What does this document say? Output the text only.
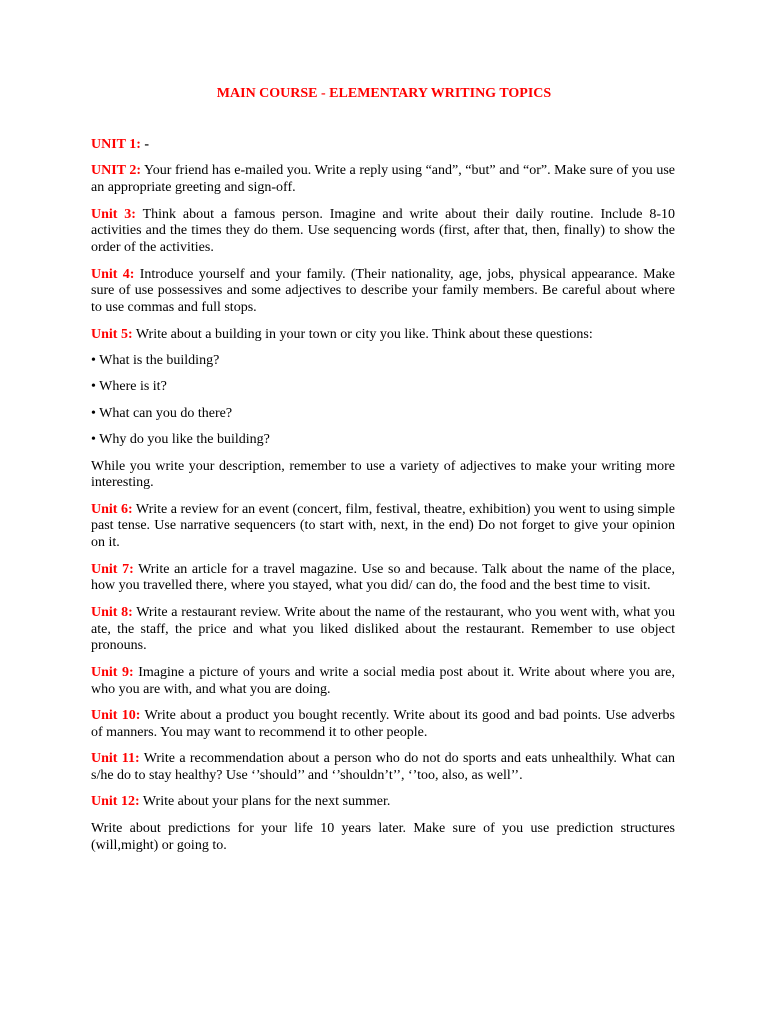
MAIN COURSE - ELEMENTARY WRITING TOPICS

UNIT 1: -

UNIT 2: Your friend has e-mailed you. Write a reply using “and”, “but” and “or”. Make sure of you use an appropriate greeting and sign-off.

Unit 3: Think about a famous person. Imagine and write about their daily routine. Include 8-10 activities and the times they do them. Use sequencing words (first, after that, then, finally) to show the order of the activities.

Unit 4: Introduce yourself and your family. (Their nationality, age, jobs, physical appearance. Make sure of use possessives and some adjectives to describe your family members. Be careful about where to use commas and full stops.

Unit 5: Write about a building in your town or city you like. Think about these questions:

• What is the building?

• Where is it?

• What can you do there?

• Why do you like the building?

While you write your description, remember to use a variety of adjectives to make your writing more interesting.

Unit 6: Write a review for an event (concert, film, festival, theatre, exhibition) you went to using simple past tense. Use narrative sequencers (to start with, next, in the end) Do not forget to give your opinion on it.

Unit 7: Write an article for a travel magazine. Use so and because. Talk about the name of the place, how you travelled there, where you stayed, what you did/ can do, the food and the best time to visit.

Unit 8: Write a restaurant review. Write about the name of the restaurant, who you went with, what you ate, the staff, the price and what you liked disliked about the restaurant. Remember to use object pronouns.

Unit 9: Imagine a picture of yours and write a social media post about it. Write about where you are, who you are with, and what you are doing.

Unit 10: Write about a product you bought recently. Write about its good and bad points. Use adverbs of manners. You may want to recommend it to other people.

Unit 11: Write a recommendation about a person who do not do sports and eats unhealthily. What can s/he do to stay healthy? Use ‘’should’’ and ‘’shouldn’t’’, ‘’too, also, as well’’.

Unit 12: Write about your plans for the next summer.

Write about predictions for your life 10 years later. Make sure of you use prediction structures (will,might) or going to.
